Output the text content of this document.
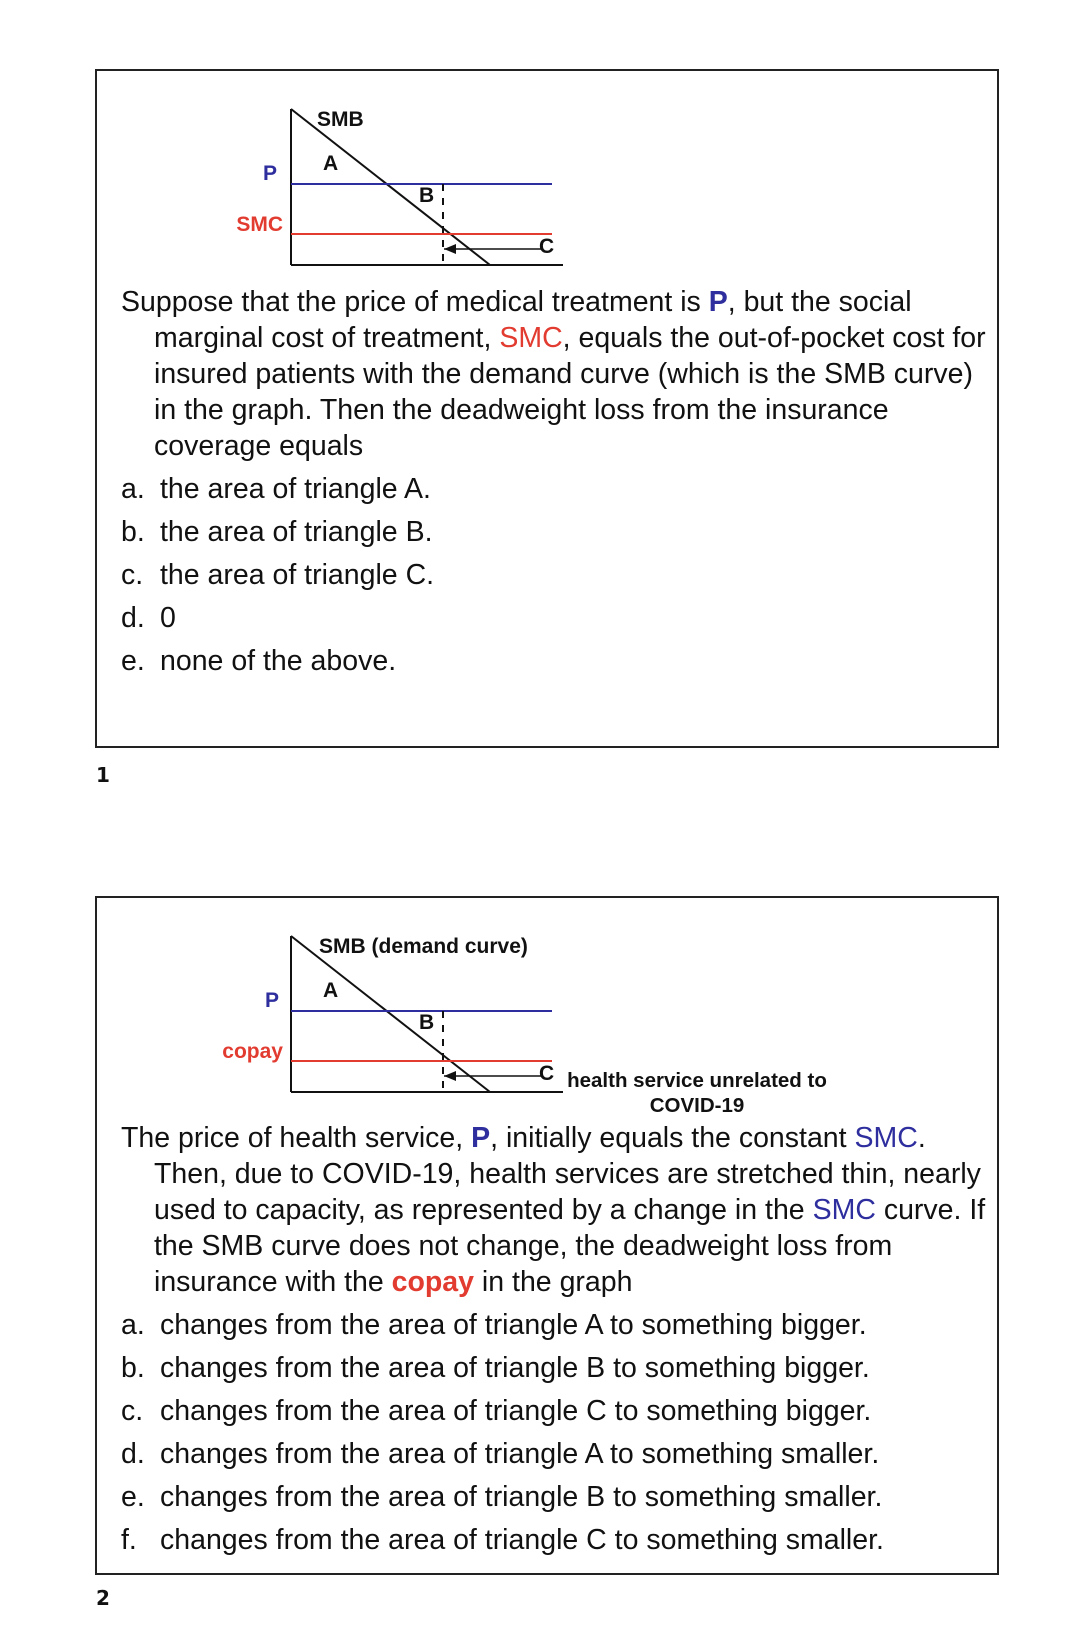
SMB
A
B
C
P
SMC
Suppose that the price of medical treatment is P, but the social marginal cost of treatment, SMC, equals the out-of-pocket cost for insured patients with the demand curve (which is the SMB curve) in the graph. Then the deadweight loss from the insurance coverage equals
a. the area of triangle A.
b. the area of triangle B.
c. the area of triangle C.
d. 0
e. none of the above.
1
SMB (demand curve)
A
B
C
P
copay
health service unrelated to
COVID-19
The price of health service, P, initially equals the constant SMC. Then, due to COVID-19, health services are stretched thin, nearly used to capacity, as represented by a change in the SMC curve. If the SMB curve does not change, the deadweight loss from insurance with the copay in the graph
a. changes from the area of triangle A to something bigger.
b. changes from the area of triangle B to something bigger.
c. changes from the area of triangle C to something bigger.
d. changes from the area of triangle A to something smaller.
e. changes from the area of triangle B to something smaller.
f. changes from the area of triangle C to something smaller.
2
